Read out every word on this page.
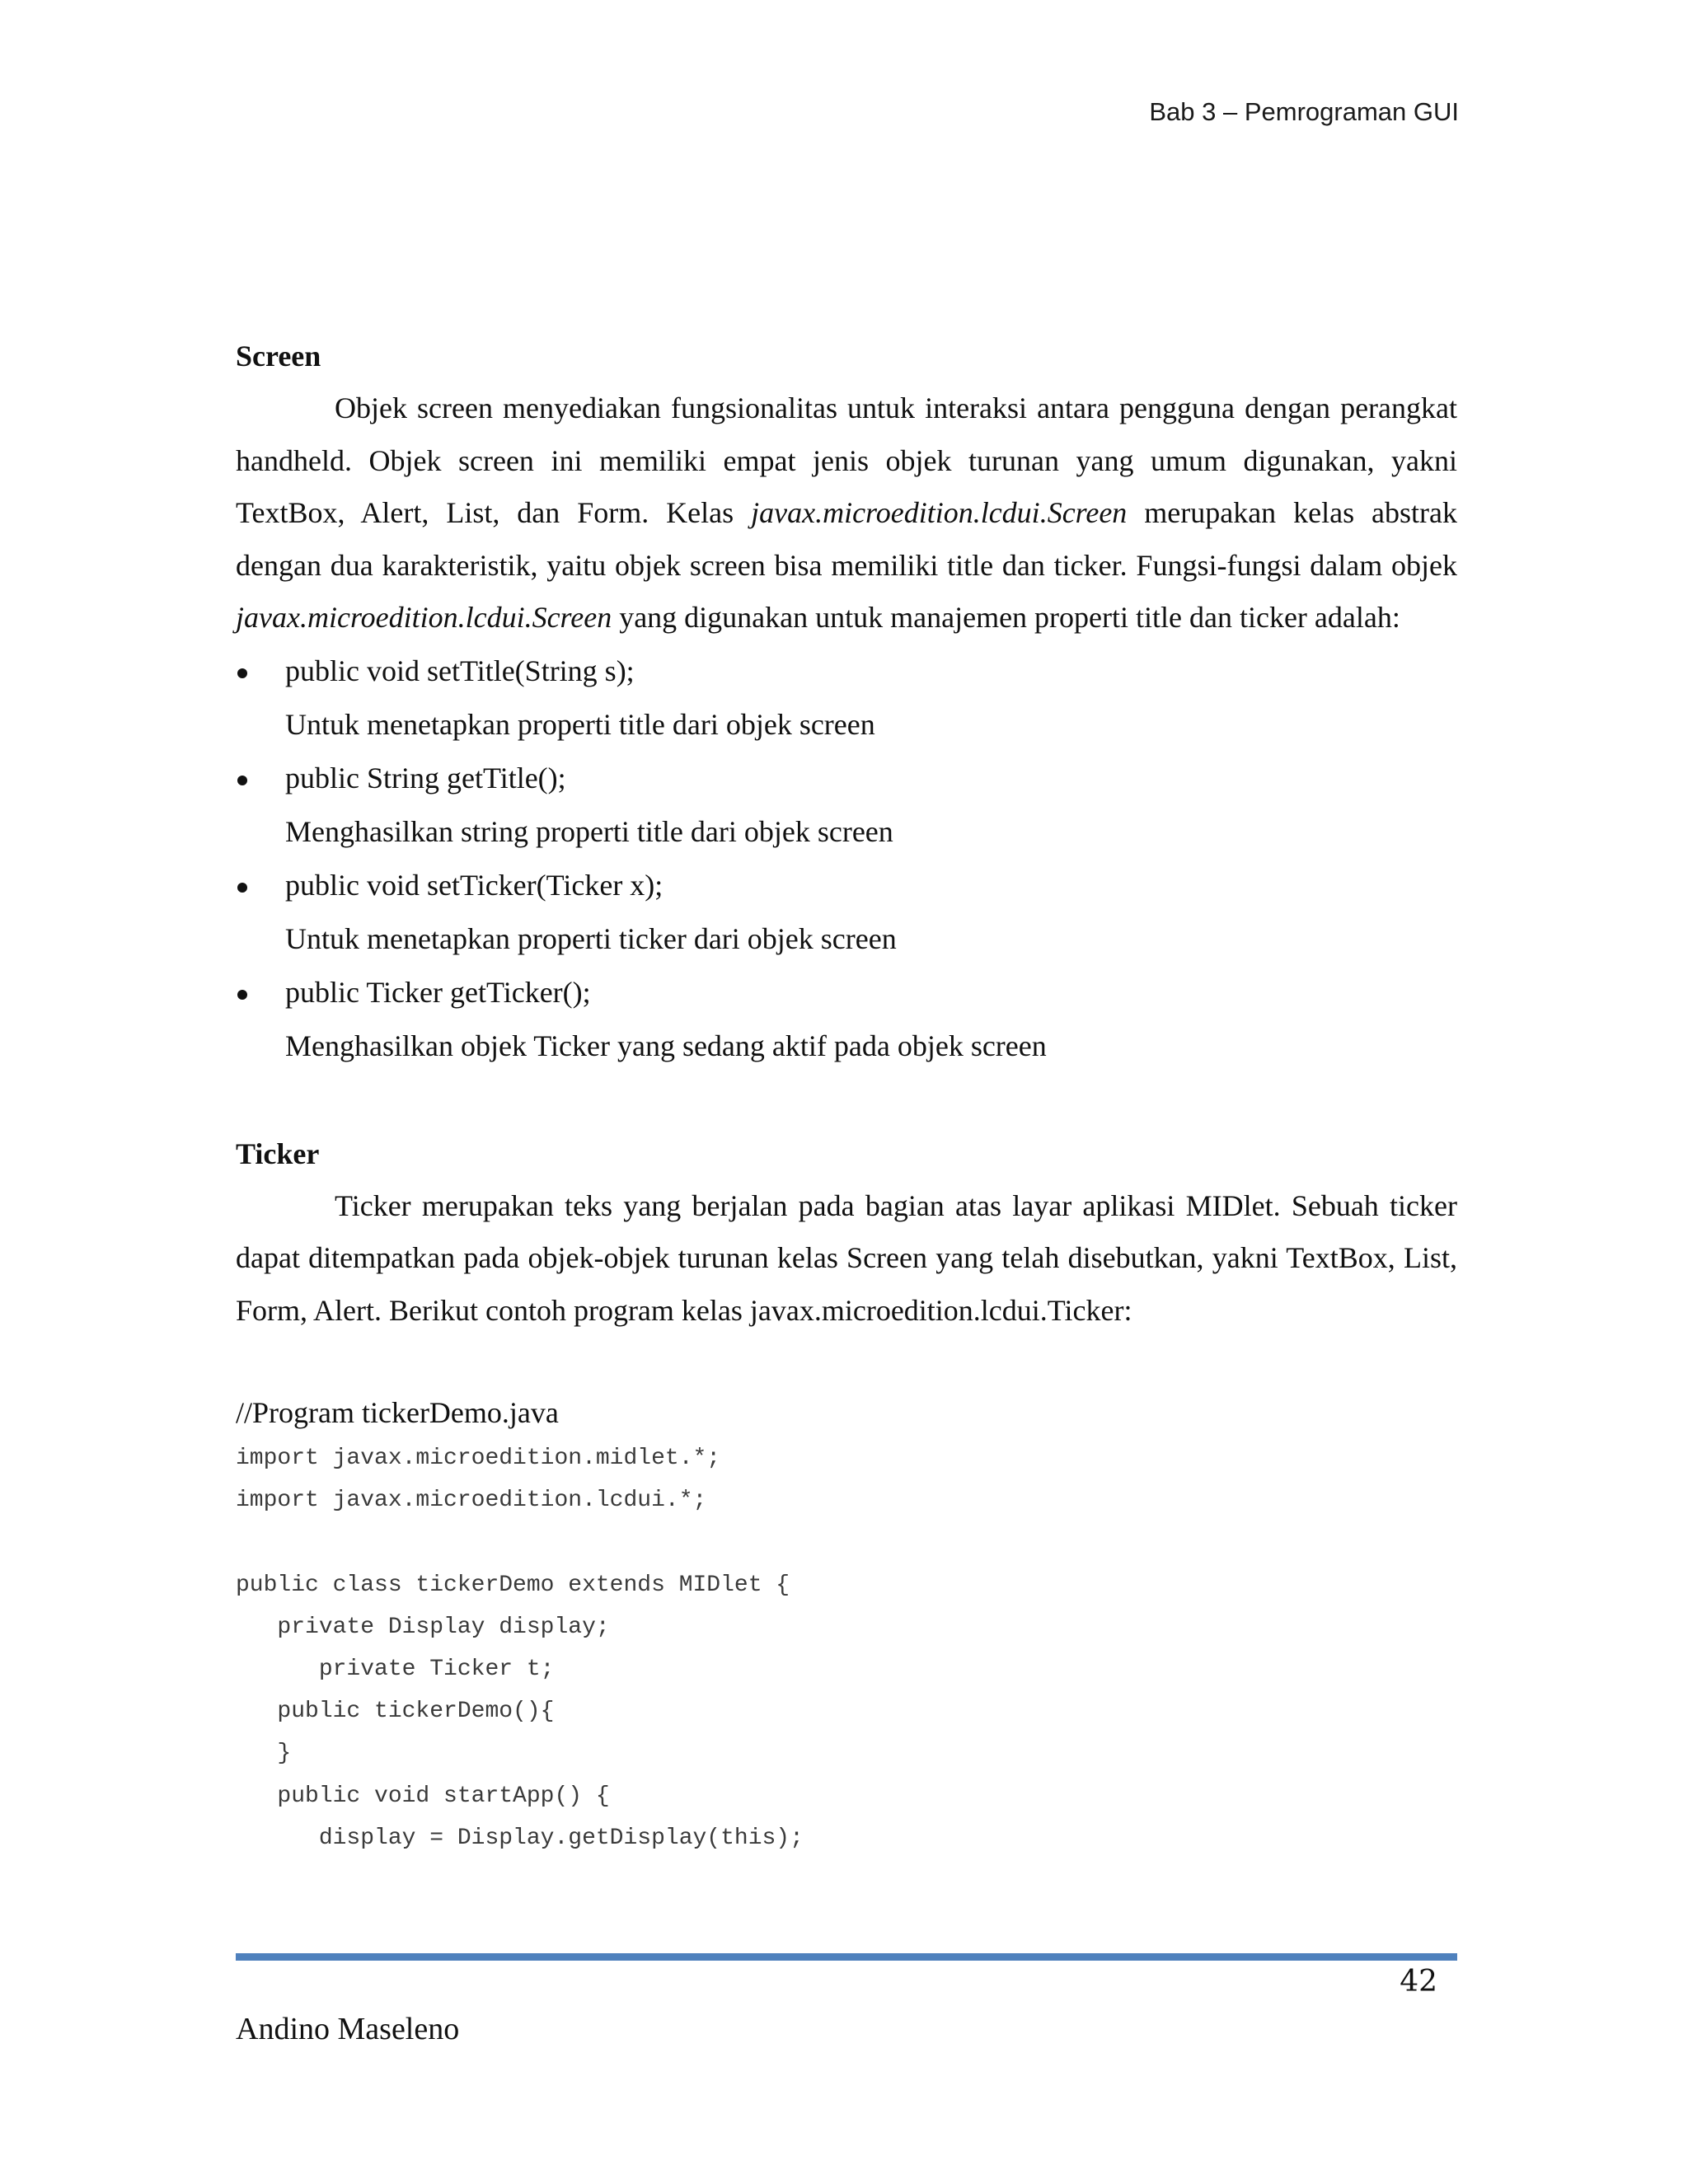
Bab 3 – Pemrograman GUI
Screen

Objek screen menyediakan fungsionalitas untuk interaksi antara pengguna dengan perangkat handheld. Objek screen ini memiliki empat jenis objek turunan yang umum digunakan, yakni TextBox, Alert, List, dan Form. Kelas javax.microedition.lcdui.Screen merupakan kelas abstrak dengan dua karakteristik, yaitu objek screen bisa memiliki title dan ticker. Fungsi-fungsi dalam objek javax.microedition.lcdui.Screen yang digunakan untuk manajemen properti title dan ticker adalah:

public void setTitle(String s);
Untuk menetapkan properti title dari objek screen
public String getTitle();
Menghasilkan string properti title dari objek screen
public void setTicker(Ticker x);
Untuk menetapkan properti ticker dari objek screen
public Ticker getTicker();
Menghasilkan objek Ticker yang sedang aktif pada objek screen
Ticker

Ticker merupakan teks yang berjalan pada bagian atas layar aplikasi MIDlet. Sebuah ticker dapat ditempatkan pada objek-objek turunan kelas Screen yang telah disebutkan, yakni TextBox, List, Form, Alert. Berikut contoh program kelas javax.microedition.lcdui.Ticker:

//Program tickerDemo.java

import javax.microedition.midlet.*;
import javax.microedition.lcdui.*;

public class tickerDemo extends MIDlet {
private Display display;
private Ticker t;
public tickerDemo(){
}
public void startApp() {
display = Display.getDisplay(this);
42
Andino Maseleno
